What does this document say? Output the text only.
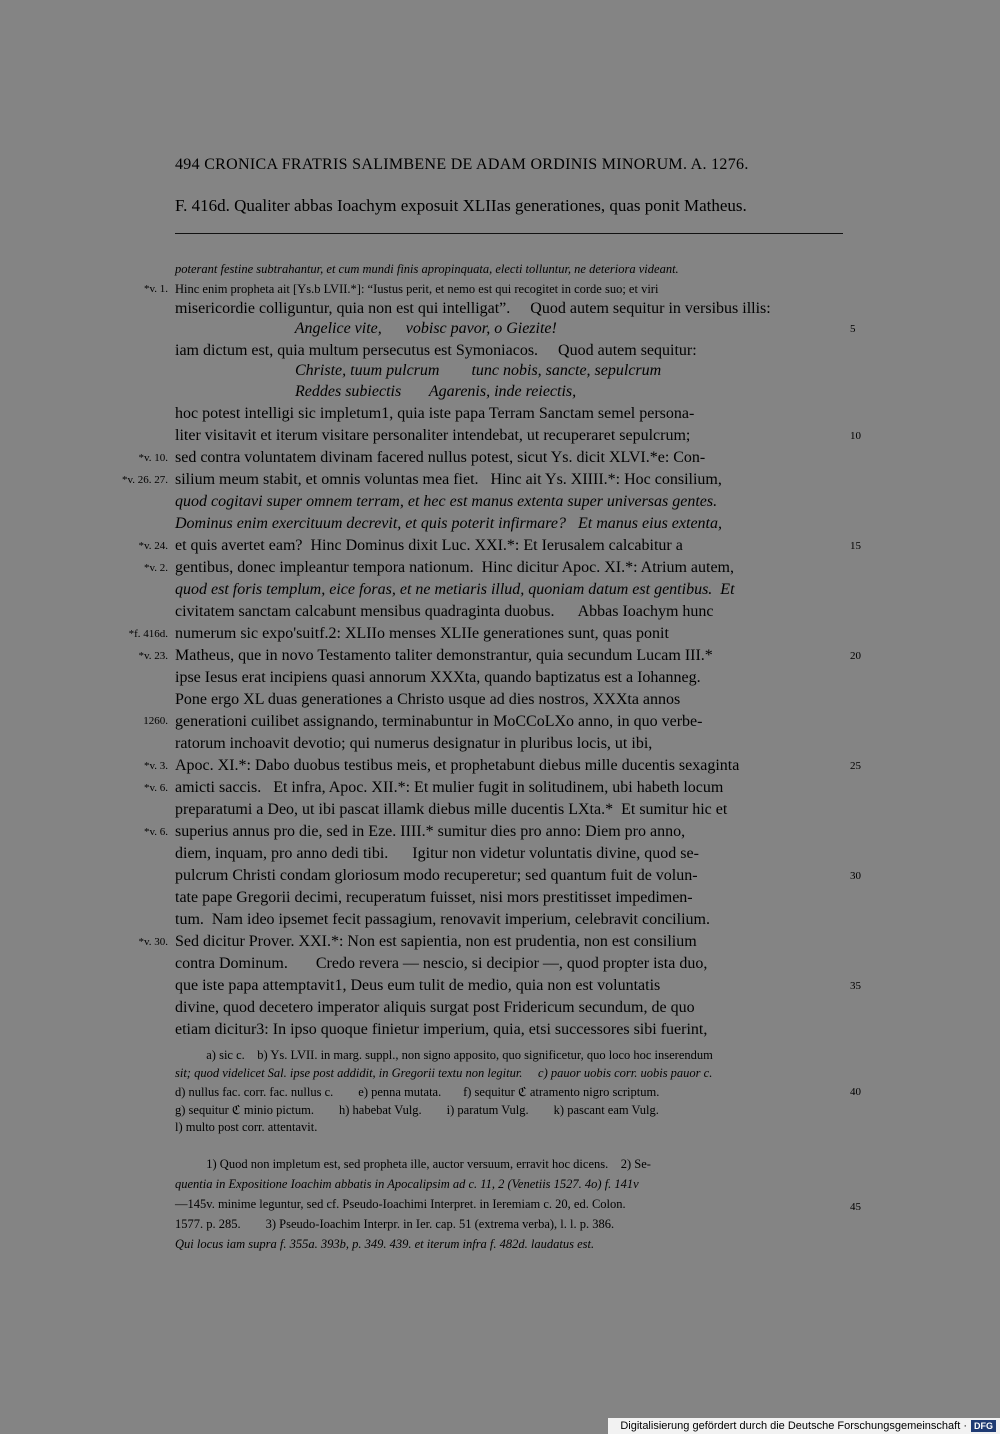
494 CRONICA FRATRIS SALIMBENE DE ADAM ORDINIS MINORUM. A. 1276.
F. 416d. Qualiter abbas Ioachym exposuit XLIIas generationes, quas ponit Matheus.
poterant festine subtrahantur, et cum mundi finis apropinquata, electi tolluntur, ne deteriora videant.
Hinc enim propheta ait [Ys.b LVII.*]: “Iustus perit, et nemo est qui recogitet in corde suo; et viri
misericordie colliguntur, quia non est qui intelligat”.     Quod autem sequitur in versibus illis:
Angelice vite,      vobisc pavor, o Giezite!
iam dictum est, quia multum persecutus est Symoniacos.     Quod autem sequitur:
Christe, tuum pulcrum        tunc nobis, sancte, sepulcrum
Reddes subiectis       Agarenis, inde reiectis,
hoc potest intelligi sic impletum1, quia iste papa Terram Sanctam semel persona-
liter visitavit et iterum visitare personaliter intendebat, ut recuperaret sepulcrum;
sed contra voluntatem divinam facered nullus potest, sicut Ys. dicit XLVI.*e: Con-
silium meum stabit, et omnis voluntas mea fiet.   Hinc ait Ys. XIIII.*: Hoc consilium,
quod cogitavi super omnem terram, et hec est manus extenta super universas gentes.
Dominus enim exercituum decrevit, et quis poterit infirmare?   Et manus eius extenta,
et quis avertet eam?  Hinc Dominus dixit Luc. XXI.*: Et Ierusalem calcabitur a
gentibus, donec impleantur tempora nationum.  Hinc dicitur Apoc. XI.*: Atrium autem,
quod est foris templum, eice foras, et ne metiaris illud, quoniam datum est gentibus.  Et
civitatem sanctam calcabunt mensibus quadraginta duobus.      Abbas Ioachym hunc
numerum sic expo'suitf.2: XLIIo menses XLIIe generationes sunt, quas ponit
Matheus, que in novo Testamento taliter demonstrantur, quia secundum Lucam III.*
ipse Iesus erat incipiens quasi annorum XXXta, quando baptizatus est a Iohanneg.
Pone ergo XL duas generationes a Christo usque ad dies nostros, XXXta annos
generationi cuilibet assignando, terminabuntur in MoCCoLXo anno, in quo verbe-
ratorum inchoavit devotio; qui numerus designatur in pluribus locis, ut ibi,
Apoc. XI.*: Dabo duobus testibus meis, et prophetabunt diebus mille ducentis sexaginta
amicti saccis.   Et infra, Apoc. XII.*: Et mulier fugit in solitudinem, ubi habeth locum
preparatumi a Deo, ut ibi pascat illamk diebus mille ducentis LXta.*  Et sumitur hic et
superius annus pro die, sed in Eze. IIII.* sumitur dies pro anno: Diem pro anno,
diem, inquam, pro anno dedi tibi.      Igitur non videtur voluntatis divine, quod se-
pulcrum Christi condam gloriosum modo recuperetur; sed quantum fuit de volun-
tate pape Gregorii decimi, recuperatum fuisset, nisi mors prestitisset impedimen-
tum.  Nam ideo ipsemet fecit passagium, renovavit imperium, celebravit concilium.
Sed dicitur Prover. XXI.*: Non est sapientia, non est prudentia, non est consilium
contra Dominum.       Credo revera — nescio, si decipior —, quod propter ista duo,
que iste papa attemptavit1, Deus eum tulit de medio, quia non est voluntatis
divine, quod decetero imperator aliquis surgat post Fridericum secundum, de quo
etiam dicitur3: In ipso quoque finietur imperium, quia, etsi successores sibi fuerint,
a) sic c.    b) Ys. LVII. in marg. suppl., non signo apposito, quo significetur, quo loco hoc inserendum
sit; quod videlicet Sal. ipse post addidit, in Gregorii textu non legitur.     c) pauor uobis corr. uobis pauor c.
d) nullus fac. corr. fac. nullus c.        e) penna mutata.       f) sequitur ℭ atramento nigro scriptum.
g) sequitur ℭ minio pictum.        h) habebat Vulg.        i) paratum Vulg.        k) pascant eam Vulg.
l) multo post corr. attentavit.
1) Quod non impletum est, sed propheta ille, auctor versuum, erravit hoc dicens.    2) Se-
quentia in Expositione Ioachim abbatis in Apocalipsim ad c. 11, 2 (Venetiis 1527. 4o) f. 141v
—145v. minime leguntur, sed cf. Pseudo-Ioachimi Interpret. in Ieremiam c. 20, ed. Colon.
1577. p. 285.        3) Pseudo-Ioachim Interpr. in Ier. cap. 51 (extrema verba), l. l. p. 386.
Qui locus iam supra f. 355a. 393b, p. 349. 439. et iterum infra f. 482d. laudatus est.
*v. 1.
*v. 10.
*v. 26. 27.
*v. 24.
*v. 2.
*f. 416d.
*v. 23.
1260.
*v. 3.
*v. 6.
*v. 6.
*v. 30.
5
10
15
20
25
30
35
40
45
Digitalisierung gefördert durch die Deutsche Forschungsgemeinschaft · DFG
